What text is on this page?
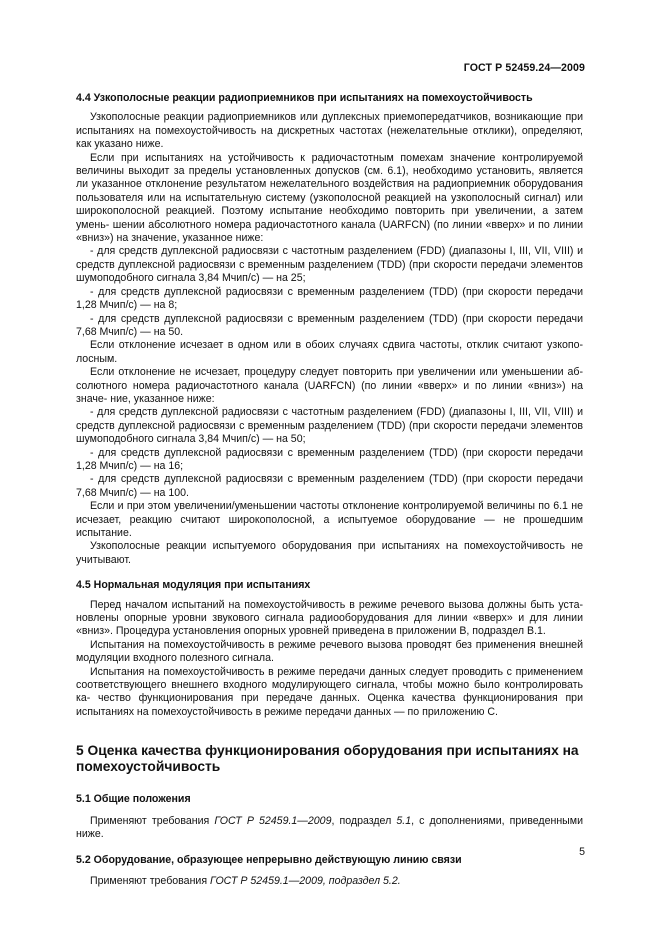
ГОСТ Р 52459.24—2009
4.4 Узкополосные реакции радиоприемников при испытаниях на помехоустойчивость

Узкополосные реакции радиоприемников или дуплексных приемопередатчиков, возникающие при испытаниях на помехоустойчивость на дискретных частотах (нежелательные отклики), определяют, как указано ниже.

Если при испытаниях на устойчивость к радиочастотным помехам значение контролируемой величины выходит за пределы установленных допусков (см. 6.1), необходимо установить, является ли указанное отклонение результатом нежелательного воздействия на радиоприемник оборудования пользователя или на испытательную систему (узкополосной реакцией на узкополосный сигнал) или широкополосной реакцией. Поэтому испытание необходимо повторить при увеличении, а затем умень- шении абсолютного номера радиочастотного канала (UARFCN) (по линии «вверх» и по линии «вниз») на значение, указанное ниже:

- для средств дуплексной радиосвязи с частотным разделением (FDD) (диапазоны I, III, VII, VIII) и средств дуплексной радиосвязи с временным разделением (TDD) (при скорости передачи элементов шумоподобного сигнала 3,84 Мчип/с) — на 25;

- для средств дуплексной радиосвязи с временным разделением (TDD) (при скорости передачи 1,28 Мчип/с) — на 8;

- для средств дуплексной радиосвязи с временным разделением (TDD) (при скорости передачи 7,68 Мчип/с) — на 50.

Если отклонение исчезает в одном или в обоих случаях сдвига частоты, отклик считают узкопо- лосным.

Если отклонение не исчезает, процедуру следует повторить при увеличении или уменьшении аб- солютного номера радиочастотного канала (UARFCN) (по линии «вверх» и по линии «вниз») на значе- ние, указанное ниже:

- для средств дуплексной радиосвязи с частотным разделением (FDD) (диапазоны I, III, VII, VIII) и средств дуплексной радиосвязи с временным разделением (TDD) (при скорости передачи элементов шумоподобного сигнала 3,84 Мчип/с) — на 50;

- для средств дуплексной радиосвязи с временным разделением (TDD) (при скорости передачи 1,28 Мчип/с) — на 16;

- для средств дуплексной радиосвязи с временным разделением (TDD) (при скорости передачи 7,68 Мчип/с) — на 100.

Если и при этом увеличении/уменьшении частоты отклонение контролируемой величины по 6.1 не исчезает, реакцию считают широкополосной, а испытуемое оборудование — не прошедшим испытание.

Узкополосные реакции испытуемого оборудования при испытаниях на помехоустойчивость не учитывают.

4.5 Нормальная модуляция при испытаниях

Перед началом испытаний на помехоустойчивость в режиме речевого вызова должны быть уста- новлены опорные уровни звукового сигнала радиооборудования для линии «вверх» и для линии «вниз». Процедура установления опорных уровней приведена в приложении В, подраздел В.1.

Испытания на помехоустойчивость в режиме речевого вызова проводят без применения внешней модуляции входного полезного сигнала.

Испытания на помехоустойчивость в режиме передачи данных следует проводить с применением соответствующего внешнего входного модулирующего сигнала, чтобы можно было контролировать ка- чество функционирования при передаче данных. Оценка качества функционирования при испытаниях на помехоустойчивость в режиме передачи данных — по приложению С.

5 Оценка качества функционирования оборудования при испытаниях на помехоустойчивость
5.1 Общие положения

Применяют требования ГОСТ Р 52459.1—2009, подраздел 5.1, с дополнениями, приведенными ниже.

5.2 Оборудование, образующее непрерывно действующую линию связи

Применяют требования ГОСТ Р 52459.1—2009, подраздел 5.2.

5
